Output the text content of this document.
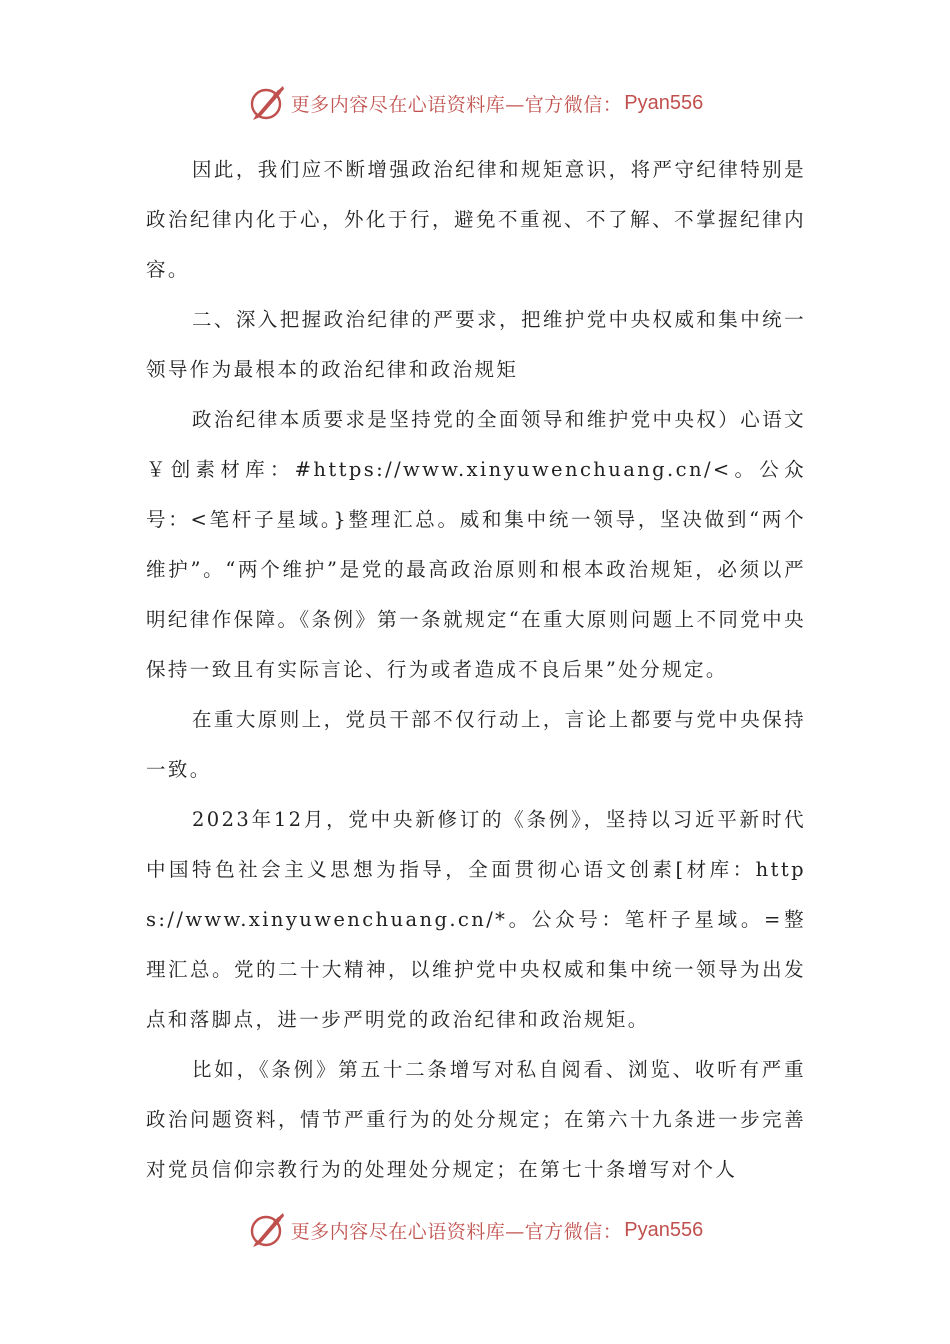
更多内容尽在心语资料库—官方微信： Pyan556

因此，我们应不断增强政治纪律和规矩意识，将严守纪律特别是政治纪律内化于心，外化于行，避免不重视、不了解、不掌握纪律内容。

二、深入把握政治纪律的严要求，把维护党中央权威和集中统一领导作为最根本的政治纪律和政治规矩

政治纪律本质要求是坚持党的全面领导和维护党中央权）心语文￥创素材库：#https://www.xinyuwenchuang.cn/<。公众号：<笔杆子星域。}整理汇总。威和集中统一领导，坚决做到“两个维护”。“两个维护”是党的最高政治原则和根本政治规矩，必须以严明纪律作保障。《条例》第一条就规定“在重大原则问题上不同党中央保持一致且有实际言论、行为或者造成不良后果”处分规定。

在重大原则上，党员干部不仅行动上，言论上都要与党中央保持一致。

2023年12月，党中央新修订的《条例》，坚持以习近平新时代中国特色社会主义思想为指导，全面贯彻心语文创素[材库：https://www.xinyuwenchuang.cn/*。公众号：笔杆子星域。=整理汇总。党的二十大精神，以维护党中央权威和集中统一领导为出发点和落脚点，进一步严明党的政治纪律和政治规矩。

比如，《条例》第五十二条增写对私自阅看、浏览、收听有严重政治问题资料，情节严重行为的处分规定；在第六十九条进一步完善对党员信仰宗教行为的处理处分规定；在第七十条增写对个人

更多内容尽在心语资料库—官方微信： Pyan556
